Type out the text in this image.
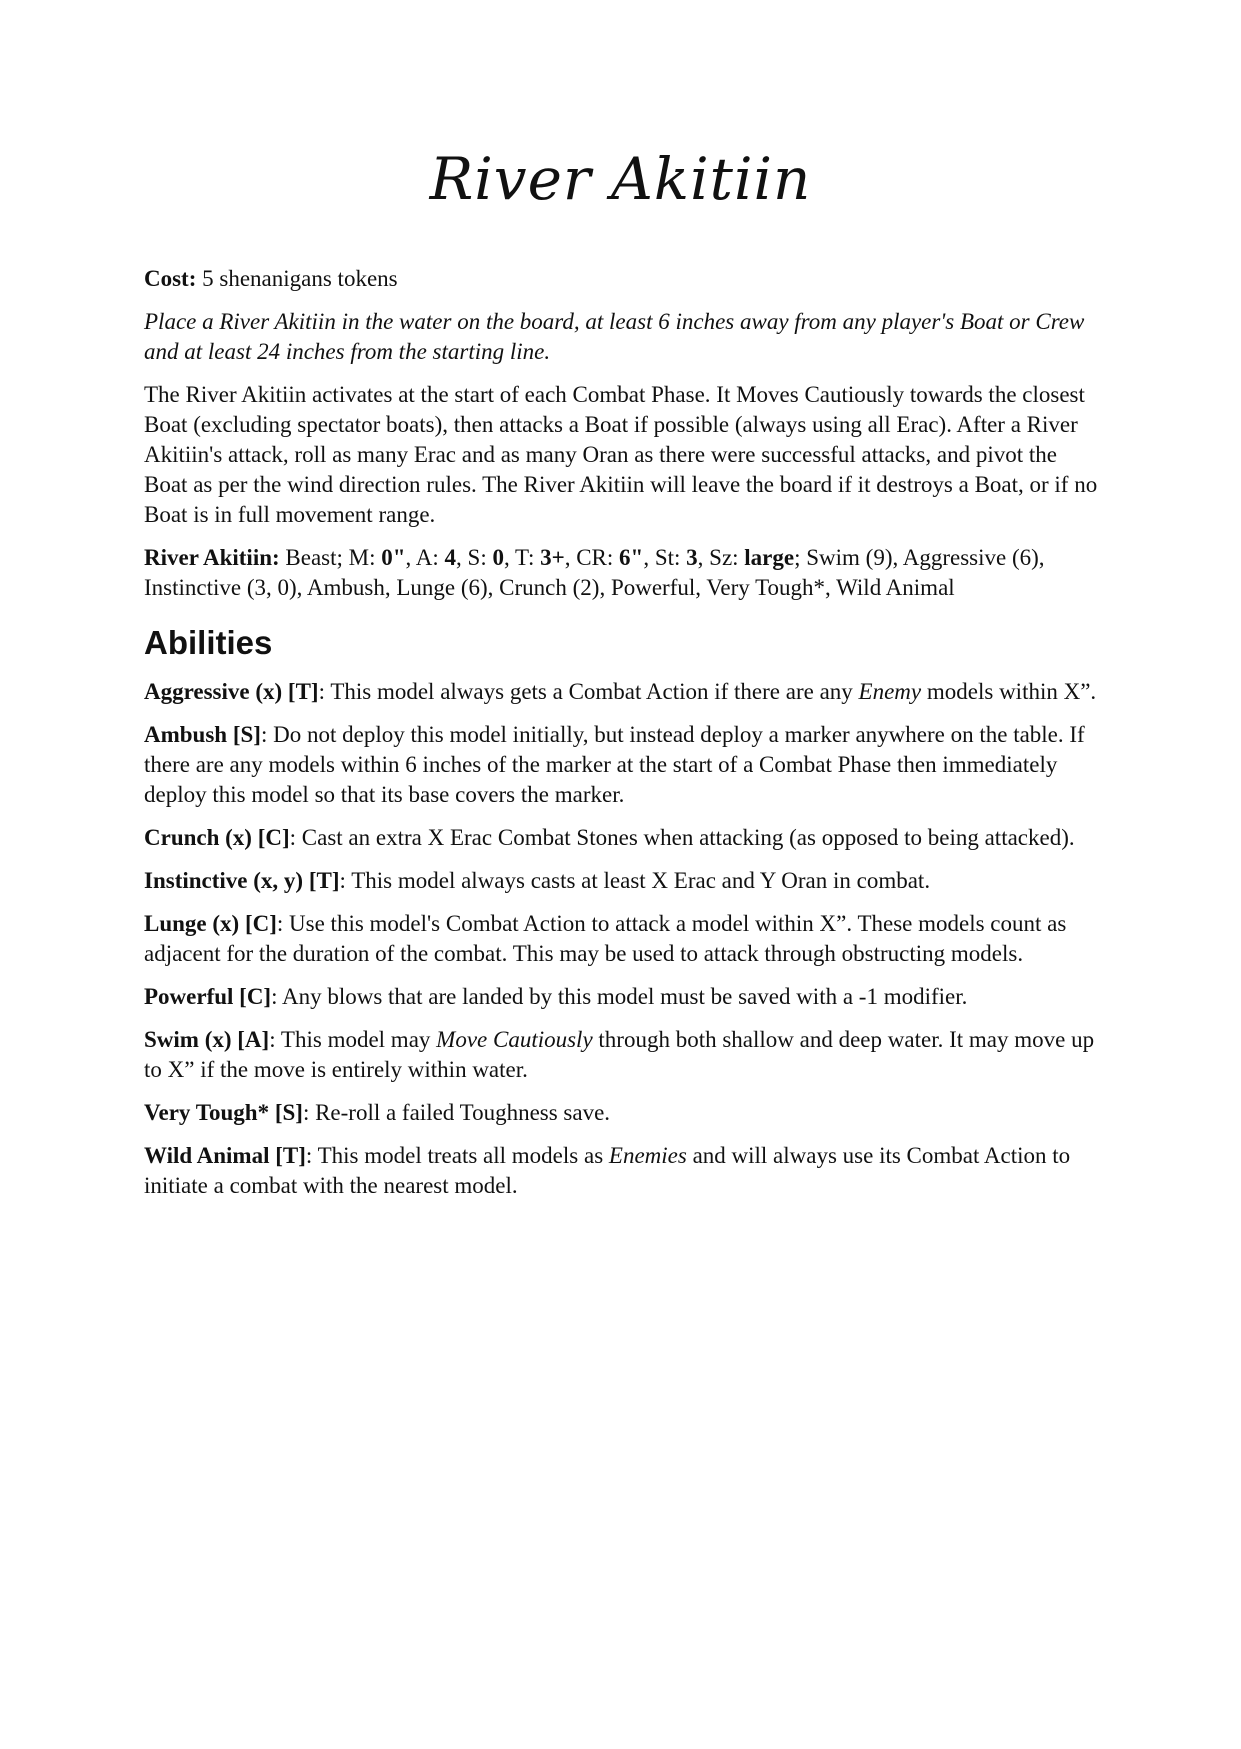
River Akitiin

Cost: 5 shenanigans tokens

Place a River Akitiin in the water on the board, at least 6 inches away from any player's Boat or Crew and at least 24 inches from the starting line.

The River Akitiin activates at the start of each Combat Phase. It Moves Cautiously towards the closest Boat (excluding spectator boats), then attacks a Boat if possible (always using all Erac). After a River Akitiin's attack, roll as many Erac and as many Oran as there were successful attacks, and pivot the Boat as per the wind direction rules. The River Akitiin will leave the board if it destroys a Boat, or if no Boat is in full movement range.

River Akitiin: Beast; M: 0", A: 4, S: 0, T: 3+, CR: 6", St: 3, Sz: large; Swim (9), Aggressive (6), Instinctive (3, 0), Ambush, Lunge (6), Crunch (2), Powerful, Very Tough*, Wild Animal

Abilities

Aggressive (x) [T]: This model always gets a Combat Action if there are any Enemy models within X”.

Ambush [S]: Do not deploy this model initially, but instead deploy a marker anywhere on the table. If there are any models within 6 inches of the marker at the start of a Combat Phase then immediately deploy this model so that its base covers the marker.

Crunch (x) [C]: Cast an extra X Erac Combat Stones when attacking (as opposed to being attacked).

Instinctive (x, y) [T]: This model always casts at least X Erac and Y Oran in combat.

Lunge (x) [C]: Use this model's Combat Action to attack a model within X”. These models count as adjacent for the duration of the combat. This may be used to attack through obstructing models.

Powerful [C]: Any blows that are landed by this model must be saved with a -1 modifier.

Swim (x) [A]: This model may Move Cautiously through both shallow and deep water. It may move up to X” if the move is entirely within water.

Very Tough* [S]: Re-roll a failed Toughness save.

Wild Animal [T]: This model treats all models as Enemies and will always use its Combat Action to initiate a combat with the nearest model.
